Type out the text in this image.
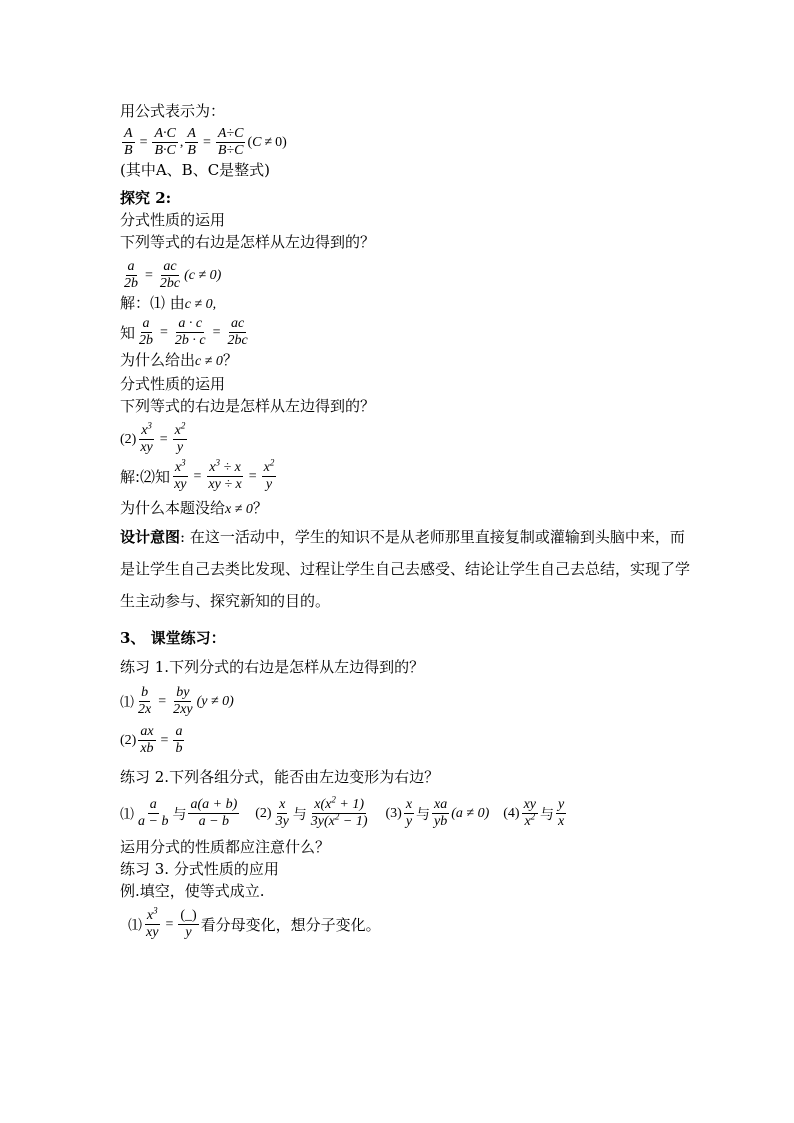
用公式表示为：
$\frac{A}{B} = \frac{A\cdot C}{B\cdot C}$ , $\frac{A}{B} = \frac{A\div C}{B\div C} (C \ne 0)$
(其中A、B、C是整式)
探究 2:
分式性质的运用
下列等式的右边是怎样从左边得到的？
$\frac{a}{2b} = \frac{ac}{2bc} (c \ne 0)$
解：⑴ 由c ≠ 0,
知 $\frac{a}{2b} = \frac{a \cdot c}{2b \cdot c} = \frac{ac}{2bc}$
为什么给出c ≠ 0？
分式性质的运用
下列等式的右边是怎样从左边得到的？
$(2) \frac{x^3}{xy} = \frac{x^2}{y}$
解:⑵知 $\frac{x^3}{xy} = \frac{x^3 \div x}{xy \div x} = \frac{x^2}{y}$
为什么本题没给x ≠ 0？
设计意图: 在这一活动中，学生的知识不是从老师那里直接复制或灌输到头脑中来，而是让学生自己去类比发现、过程让学生自己去感受、结论让学生自己去总结，实现了学生主动参与、探究新知的目的。
3、 课堂练习：
练习 1.下列分式的右边是怎样从左边得到的？
⑴ $\frac{b}{2x} = \frac{by}{2xy} (y \ne 0)$
$(2) \frac{ax}{xb} = \frac{a}{b}$
练习 2.下列各组分式，能否由左边变形为右边？
⑴ $\frac{a}{a - b}$ 与 $\frac{a(a + b)}{a - b} (2) \frac{x}{3y}$ 与 $\frac{x(x^2 + 1)}{3y(x^2 - 1)} (3) \frac{x}{y}$ 与 $\frac{xa}{yb} (a \ne 0)$ $(4) \frac{xy}{x^2}$ 与 $\frac{y}{x}$
运用分式的性质都应注意什么？
练习 3. 分式性质的应用
例.填空，使等式成立.
⑴ $\frac{x^3}{xy} = \frac{(\_)}{y}$ 看分母变化，想分子变化。
